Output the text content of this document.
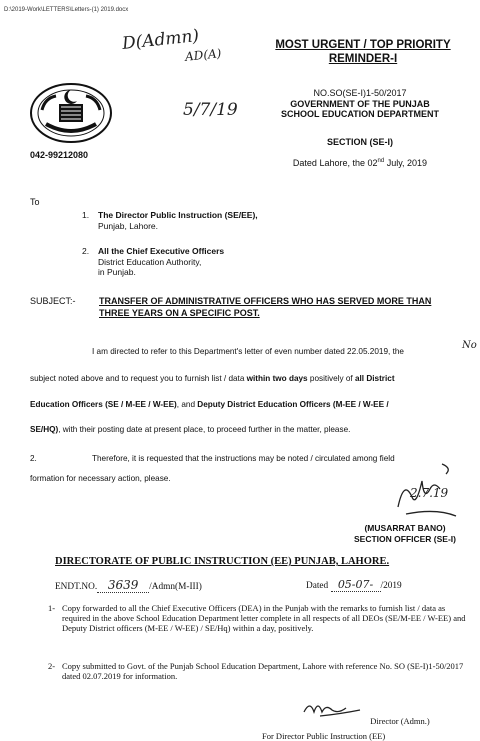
D:\2019-Work\LETTERS\Letters-(1) 2019.docx
D(Admn)
AD(A)
5/7/19
MOST URGENT / TOP PRIORITY
REMINDER-I
042-99212080
NO.SO(SE-I)1-50/2017
GOVERNMENT OF THE PUNJAB
SCHOOL EDUCATION DEPARTMENT
SECTION (SE-I)
Dated Lahore, the 02nd July, 2019
To
1. The Director Public Instruction (SE/EE),
Punjab, Lahore.
2. All the Chief Executive Officers
District Education Authority,
in Punjab.
SUBJECT:-	TRANSFER OF ADMINISTRATIVE OFFICERS WHO HAS SERVED MORE THAN THREE YEARS ON A SPECIFIC POST.
I am directed to refer to this Department's letter of even number dated 22.05.2019, the
No
subject noted above and to request you to furnish list / data within two days positively of all District
Education Officers (SE / M-EE / W-EE), and Deputy District Education Officers (M-EE / W-EE /
SE/HQ), with their posting date at present place, to proceed further in the matter, please.
2.	Therefore, it is requested that the instructions may be noted / circulated among field
formation for necessary action, please.
2.7.19
(MUSARRAT BANO)
SECTION OFFICER (SE-I)
DIRECTORATE OF PUBLIC INSTRUCTION (EE) PUNJAB, LAHORE.
ENDT.NO. 3639 /Admn(M-III)	Dated 05-07- /2019
1- Copy forwarded to all the Chief Executive Officers (DEA) in the Punjab with the remarks to furnish list / data as required in the above School Education Department letter complete in all respects of all DEOs (SE/M-EE / W-EE) and Deputy District officers (M-EE / W-EE) / SE/Hq) within a day, positively.
2- Copy submitted to Govt. of the Punjab School Education Department, Lahore with reference No. SO (SE-I)1-50/2017 dated 02.07.2019 for information.
Director (Admn.)
For Director Public Instruction (EE)
